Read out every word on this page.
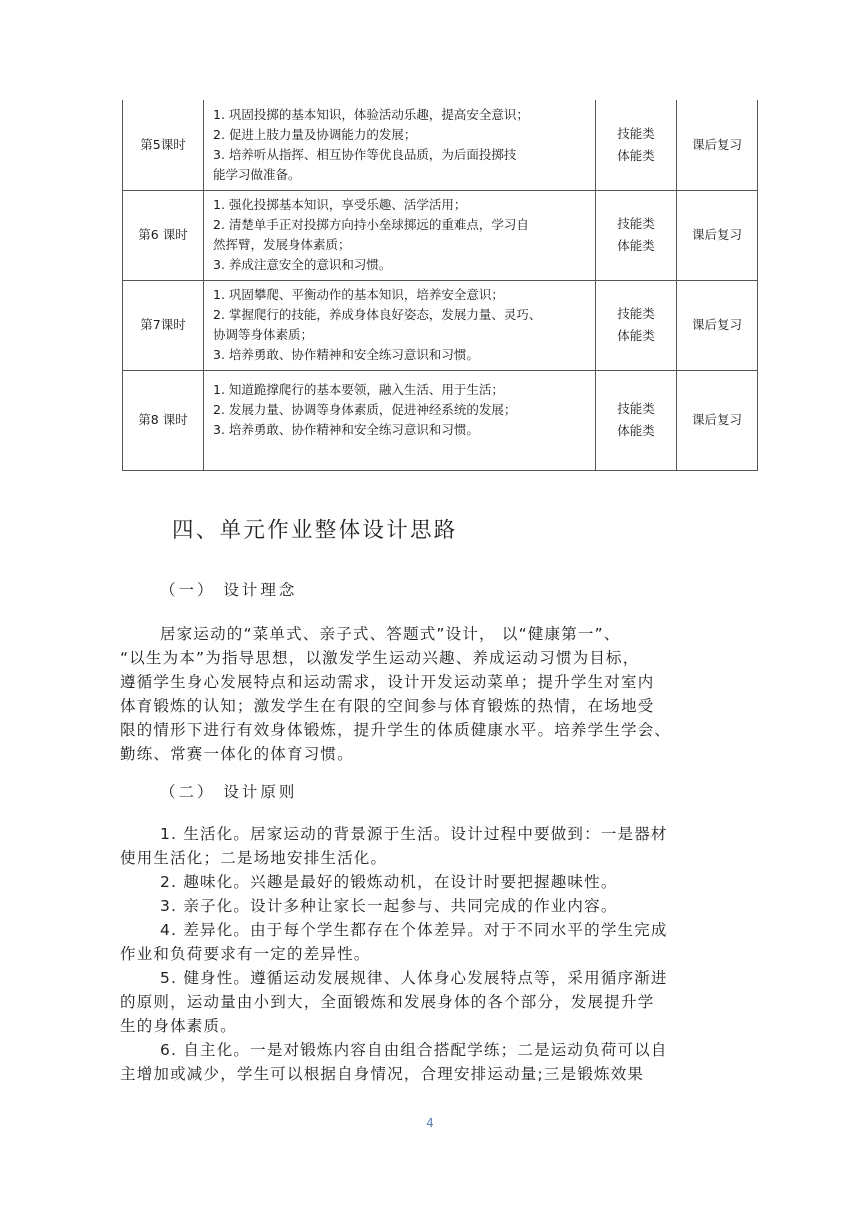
第5课时	1. 巩固投掷的基本知识，体验活动乐趣，提高安全意识；
2. 促进上肢力量及协调能力的发展；
3. 培养听从指挥、相互协作等优良品质，为后面投掷技
能学习做准备。	技能类
体能类	课后复习
第6 课时	1. 强化投掷基本知识，享受乐趣、活学活用；
2. 清楚单手正对投掷方向持小垒球掷远的重难点，学习自
然挥臂，发展身体素质；
3. 养成注意安全的意识和习惯。	技能类
体能类	课后复习
第7课时	1. 巩固攀爬、平衡动作的基本知识，培养安全意识；
2. 掌握爬行的技能，养成身体良好姿态，发展力量、灵巧、
协调等身体素质；
3. 培养勇敢、协作精神和安全练习意识和习惯。	技能类
体能类	课后复习
第8 课时	1. 知道跪撑爬行的基本要领，融入生活、用于生活；
2. 发展力量、协调等身体素质，促进神经系统的发展；
3. 培养勇敢、协作精神和安全练习意识和习惯。	技能类
体能类	课后复习
四、单元作业整体设计思路
（一） 设计理念
居家运动的“菜单式、亲子式、答题式”设计， 以“健康第一”、
“以生为本”为指导思想，以激发学生运动兴趣、养成运动习惯为目标，
遵循学生身心发展特点和运动需求，设计开发运动菜单；提升学生对室内
体育锻炼的认知；激发学生在有限的空间参与体育锻炼的热情，在场地受
限的情形下进行有效身体锻炼，提升学生的体质健康水平。培养学生学会、
勤练、常赛一体化的体育习惯。
（二） 设计原则
1. 生活化。居家运动的背景源于生活。设计过程中要做到：一是器材
使用生活化；二是场地安排生活化。
2. 趣味化。兴趣是最好的锻炼动机，在设计时要把握趣味性。
3. 亲子化。设计多种让家长一起参与、共同完成的作业内容。
4. 差异化。由于每个学生都存在个体差异。对于不同水平的学生完成
作业和负荷要求有一定的差异性。
5. 健身性。遵循运动发展规律、人体身心发展特点等，采用循序渐进
的原则，运动量由小到大，全面锻炼和发展身体的各个部分，发展提升学
生的身体素质。
6. 自主化。一是对锻炼内容自由组合搭配学练；二是运动负荷可以自
主增加或减少，学生可以根据自身情况，合理安排运动量;三是锻炼效果
4
